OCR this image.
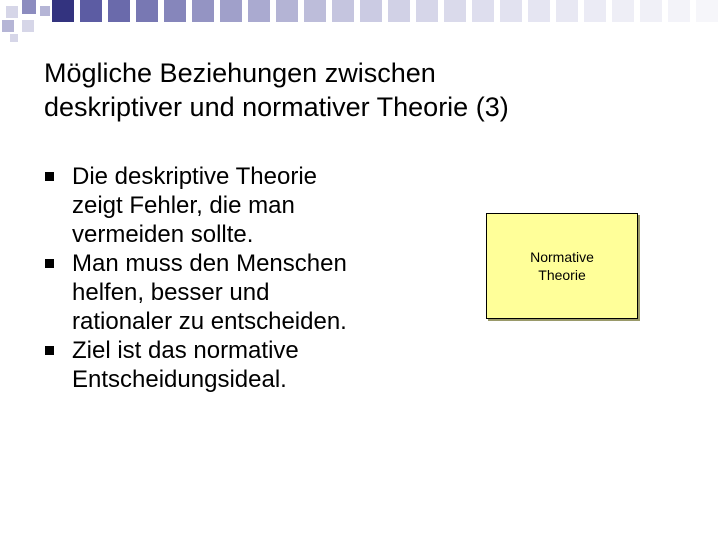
Mögliche Beziehungen zwischen
deskriptiver und normativer Theorie (3)
Die deskriptive Theorie
zeigt Fehler, die man
vermeiden sollte.
Man muss den Menschen
helfen, besser und
rationaler zu entscheiden.
Ziel ist das normative
Entscheidungsideal.
Normative
Theorie
